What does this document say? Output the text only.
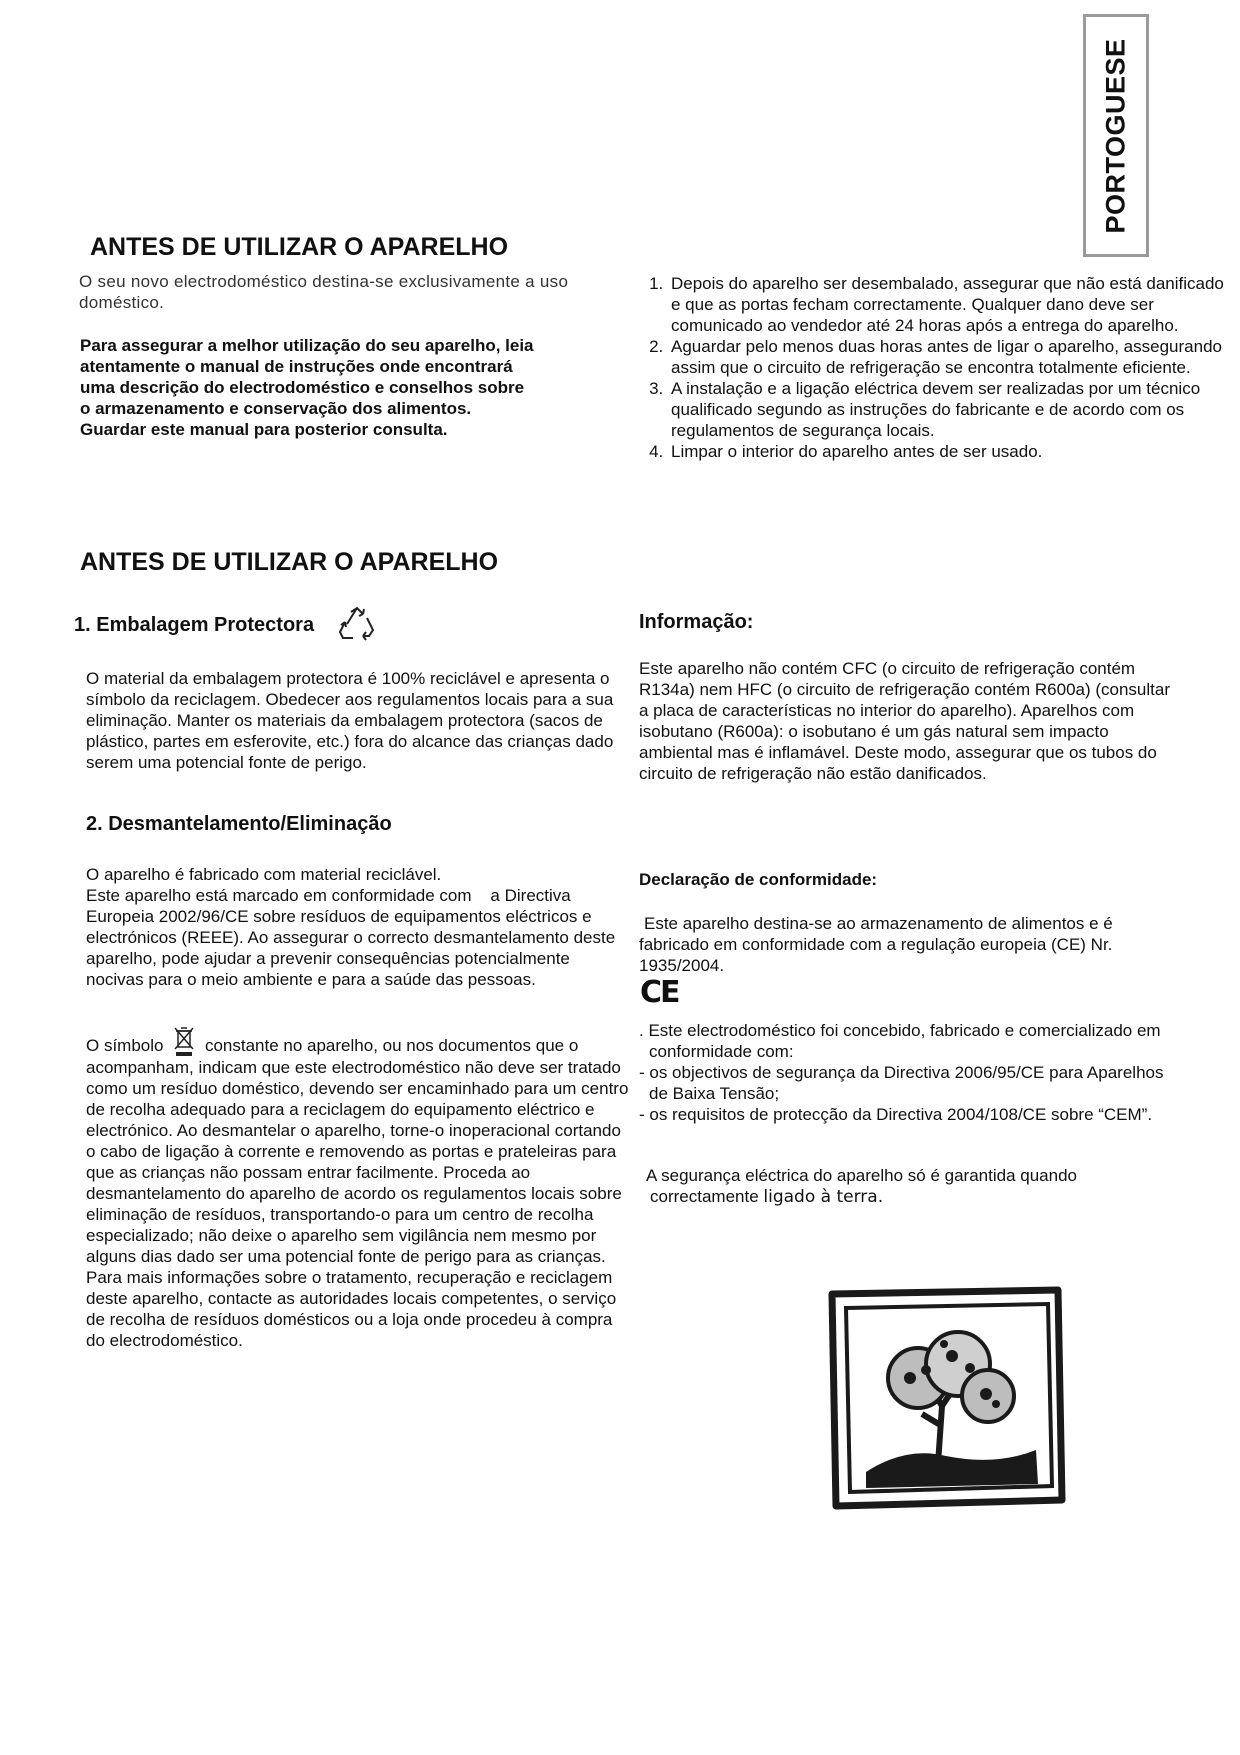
PORTOGUESE
ANTES DE UTILIZAR O APARELHO

O seu novo electrodoméstico destina-se exclusivamente a uso doméstico.

Para assegurar a melhor utilização do seu aparelho, leia

atentamente o manual de instruções onde encontrará

uma descrição do electrodoméstico e conselhos sobre

o armazenamento e conservação dos alimentos.

Guardar este manual para posterior consulta.

1. Depois do aparelho ser desembalado, assegurar que não está danificado e que as portas fecham correctamente. Qualquer dano deve ser comunicado ao vendedor até 24 horas após a entrega do aparelho.
2. Aguardar pelo menos duas horas antes de ligar o aparelho, assegurando assim que o circuito de refrigeração se encontra totalmente eficiente.
3. A instalação e a ligação eléctrica devem ser realizadas por um técnico qualificado segundo as instruções do fabricante e de acordo com os regulamentos de segurança locais.
4. Limpar o interior do aparelho antes de ser usado.
ANTES DE UTILIZAR O APARELHO
1. Embalagem Protectora

O material da embalagem protectora é 100% reciclável e apresenta o símbolo da reciclagem. Obedecer aos regulamentos locais para a sua eliminação. Manter os materiais da embalagem protectora (sacos de plástico, partes em esferovite, etc.) fora do alcance das crianças dado serem uma potencial fonte de perigo.

2. Desmantelamento/Eliminação

O aparelho é fabricado com material reciclável.

Este aparelho está marcado em conformidade com    a Directiva Europeia 2002/96/CE sobre resíduos de equipamentos eléctricos e electrónicos (REEE). Ao assegurar o correcto desmantelamento deste aparelho, pode ajudar a prevenir consequências potencialmente nocivas para o meio ambiente e para a saúde das pessoas.

O símbolo constante no aparelho, ou nos documentos que o acompanham, indicam que este electrodoméstico não deve ser tratado como um resíduo doméstico, devendo ser encaminhado para um centro de recolha adequado para a reciclagem do equipamento eléctrico e electrónico. Ao desmantelar o aparelho, torne-o inoperacional cortando o cabo de ligação à corrente e removendo as portas e prateleiras para que as crianças não possam entrar facilmente. Proceda ao desmantelamento do aparelho de acordo os regulamentos locais sobre eliminação de resíduos, transportando-o para um centro de recolha especializado; não deixe o aparelho sem vigilância nem mesmo por alguns dias dado ser uma potencial fonte de perigo para as crianças. Para mais informações sobre o tratamento, recuperação e reciclagem deste aparelho, contacte as autoridades locais competentes, o serviço de recolha de resíduos domésticos ou a loja onde procedeu à compra do electrodoméstico.

Informação:

Este aparelho não contém CFC (o circuito de refrigeração contém R134a) nem HFC (o circuito de refrigeração contém R600a) (consultar a placa de características no interior do aparelho). Aparelhos com isobutano (R600a): o isobutano é um gás natural sem impacto ambiental mas é inflamável. Deste modo, assegurar que os tubos do circuito de refrigeração não estão danificados.

Declaração de conformidade:

Este aparelho destina-se ao armazenamento de alimentos e é fabricado em conformidade com a regulação europeia (CE) Nr. 1935/2004.

CE

. Este electrodoméstico foi concebido, fabricado e comercializado em conformidade com:

- os objectivos de segurança da Directiva 2006/95/CE para Aparelhos de Baixa Tensão;
- os requisitos de protecção da Directiva 2004/108/CE sobre “CEM”.

A segurança eléctrica do aparelho só é garantida quando correctamente ligado à terra.
